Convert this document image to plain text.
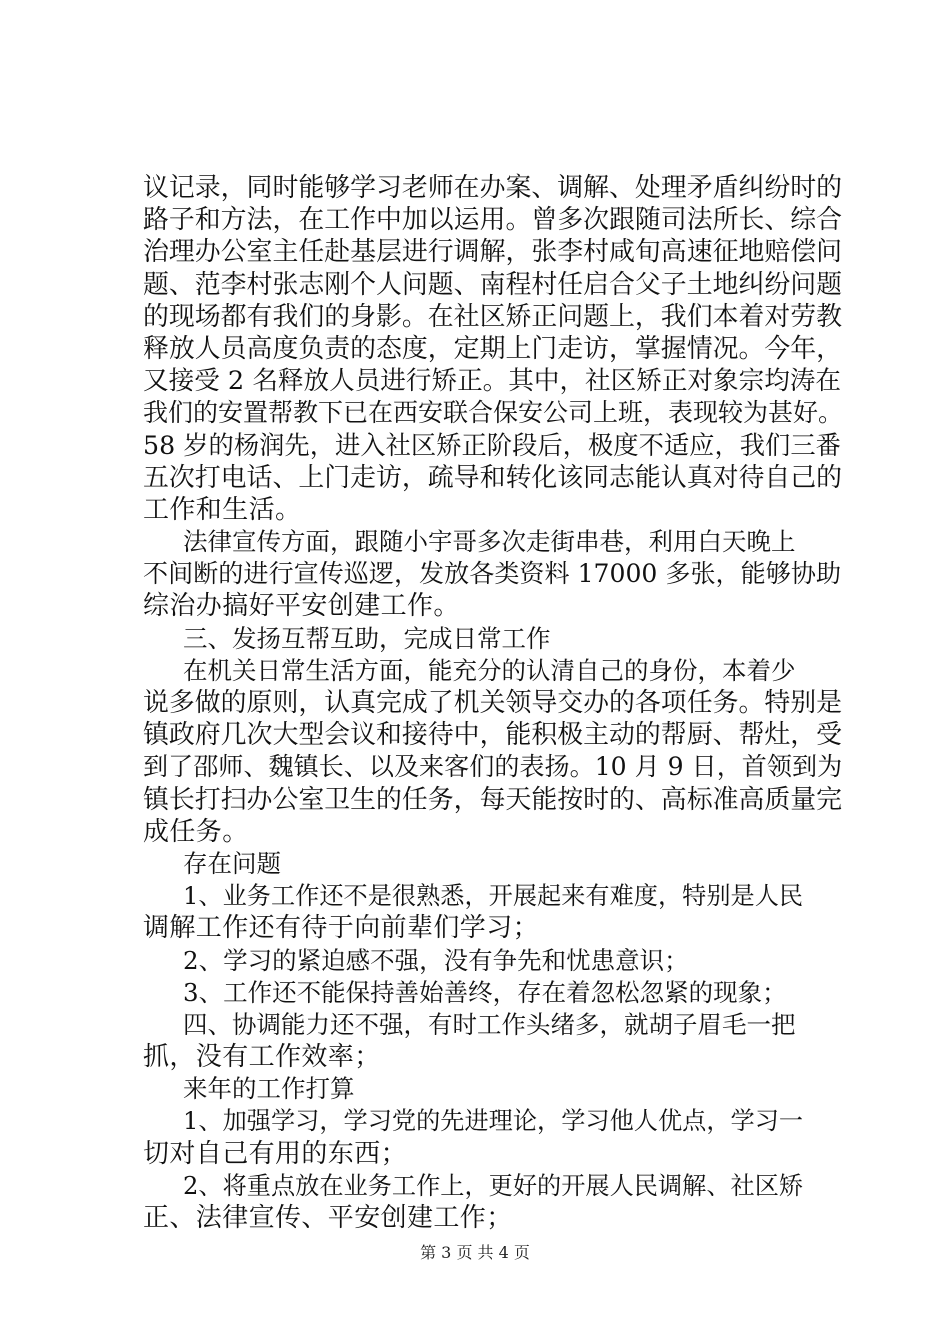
议记录，同时能够学习老师在办案、调解、处理矛盾纠纷时的
路子和方法，在工作中加以运用。曾多次跟随司法所长、综合
治理办公室主任赴基层进行调解，张李村咸旬高速征地赔偿问
题、范李村张志刚个人问题、南程村任启合父子土地纠纷问题
的现场都有我们的身影。在社区矫正问题上，我们本着对劳教
释放人员高度负责的态度，定期上门走访，掌握情况。今年，
又接受 2 名释放人员进行矫正。其中，社区矫正对象宗均涛在
我们的安置帮教下已在西安联合保安公司上班，表现较为甚好。
58 岁的杨润先，进入社区矫正阶段后，极度不适应，我们三番
五次打电话、上门走访，疏导和转化该同志能认真对待自己的
工作和生活。
法律宣传方面，跟随小宇哥多次走街串巷，利用白天晚上
不间断的进行宣传巡逻，发放各类资料 17000 多张，能够协助
综治办搞好平安创建工作。
三、发扬互帮互助，完成日常工作
在机关日常生活方面，能充分的认清自己的身份，本着少
说多做的原则，认真完成了机关领导交办的各项任务。特别是
镇政府几次大型会议和接待中，能积极主动的帮厨、帮灶，受
到了邵师、魏镇长、以及来客们的表扬。10 月 9 日，首领到为
镇长打扫办公室卫生的任务，每天能按时的、高标准高质量完
成任务。
存在问题
1、业务工作还不是很熟悉，开展起来有难度，特别是人民
调解工作还有待于向前辈们学习；
2、学习的紧迫感不强，没有争先和忧患意识；
3、工作还不能保持善始善终，存在着忽松忽紧的现象；
四、协调能力还不强，有时工作头绪多，就胡子眉毛一把
抓，没有工作效率；
来年的工作打算
1、加强学习，学习党的先进理论，学习他人优点，学习一
切对自己有用的东西；
2、将重点放在业务工作上，更好的开展人民调解、社区矫
正、法律宣传、平安创建工作；
第 3 页 共 4 页
